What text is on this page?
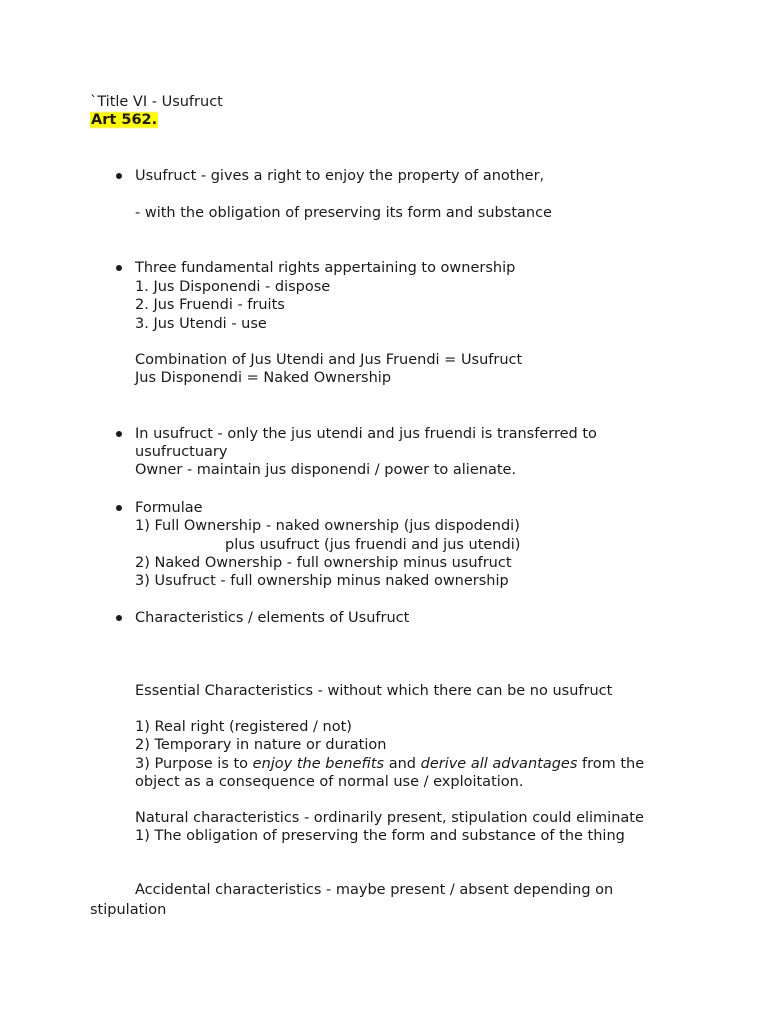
`Title VI - Usufruct
Art 562.
Usufruct - gives a right to enjoy the property of another,
- with the obligation of preserving its form and substance
Three fundamental rights appertaining to ownership
1. Jus Disponendi - dispose
2. Jus Fruendi - fruits
3. Jus Utendi - use
Combination of Jus Utendi and Jus Fruendi = Usufruct
Jus Disponendi = Naked Ownership
In usufruct - only the jus utendi and jus fruendi is transferred to
usufructuary
Owner - maintain jus disponendi / power to alienate.
Formulae
1) Full Ownership - naked ownership (jus dispodendi)
plus usufruct (jus fruendi and jus utendi)
2) Naked Ownership - full ownership minus usufruct
3) Usufruct - full ownership minus naked ownership
Characteristics / elements of Usufruct
Essential Characteristics - without which there can be no usufruct
1) Real right (registered / not)
2) Temporary in nature or duration
3) Purpose is to enjoy the benefits and derive all advantages from the
object as a consequence of normal use / exploitation.
Natural characteristics - ordinarily present, stipulation could eliminate
1) The obligation of preserving the form and substance of the thing
Accidental characteristics - maybe present / absent depending on
stipulation
